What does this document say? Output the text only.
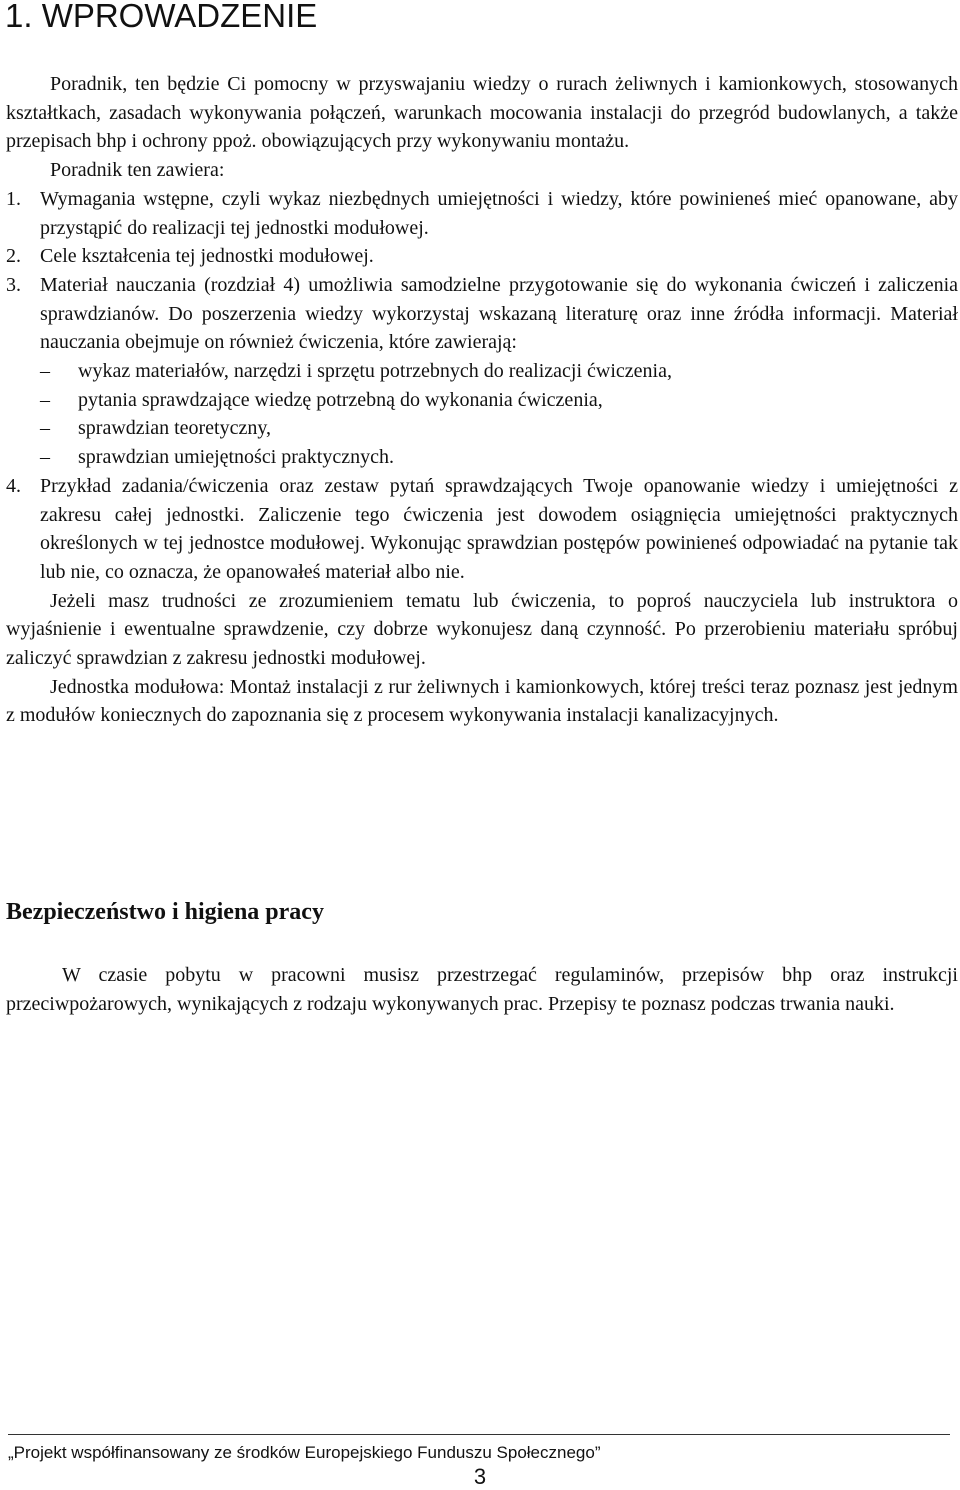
1. WPROWADZENIE

Poradnik, ten będzie Ci pomocny w przyswajaniu wiedzy o rurach żeliwnych i kamionkowych, stosowanych kształtkach, zasadach wykonywania połączeń, warunkach mocowania instalacji do przegród budowlanych, a także przepisach bhp i ochrony ppoż. obowiązujących przy wykonywaniu montażu.

Poradnik ten zawiera:

1. Wymagania wstępne, czyli wykaz niezbędnych umiejętności i wiedzy, które powinieneś mieć opanowane, aby przystąpić do realizacji tej jednostki modułowej.
2. Cele kształcenia tej jednostki modułowej.
3. Materiał nauczania (rozdział 4) umożliwia samodzielne przygotowanie się do wykonania ćwiczeń i zaliczenia sprawdzianów. Do poszerzenia wiedzy wykorzystaj wskazaną literaturę oraz inne źródła informacji. Materiał nauczania obejmuje on również ćwiczenia, które zawierają:
–	wykaz materiałów, narzędzi i sprzętu potrzebnych do realizacji ćwiczenia,
–	pytania sprawdzające wiedzę potrzebną do wykonania ćwiczenia,
–	sprawdzian teoretyczny,
–	sprawdzian umiejętności praktycznych.
4. Przykład zadania/ćwiczenia oraz zestaw pytań sprawdzających Twoje opanowanie wiedzy i umiejętności z zakresu całej jednostki. Zaliczenie tego ćwiczenia jest dowodem osiągnięcia umiejętności praktycznych określonych w tej jednostce modułowej. Wykonując sprawdzian postępów powinieneś odpowiadać na pytanie tak lub nie, co oznacza, że opanowałeś materiał albo nie.

Jeżeli masz trudności ze zrozumieniem tematu lub ćwiczenia, to poproś nauczyciela lub instruktora o wyjaśnienie i ewentualne sprawdzenie, czy dobrze wykonujesz daną czynność. Po przerobieniu materiału spróbuj zaliczyć sprawdzian z zakresu jednostki modułowej.

Jednostka modułowa: Montaż instalacji z rur żeliwnych i kamionkowych, której treści teraz poznasz jest jednym z modułów koniecznych do zapoznania się z procesem wykonywania instalacji kanalizacyjnych.

Bezpieczeństwo i higiena pracy

W czasie pobytu w pracowni musisz przestrzegać regulaminów, przepisów bhp oraz instrukcji przeciwpożarowych, wynikających z rodzaju wykonywanych prac. Przepisy te poznasz podczas trwania nauki.

„Projekt współfinansowany ze środków Europejskiego Funduszu Społecznego”
3
